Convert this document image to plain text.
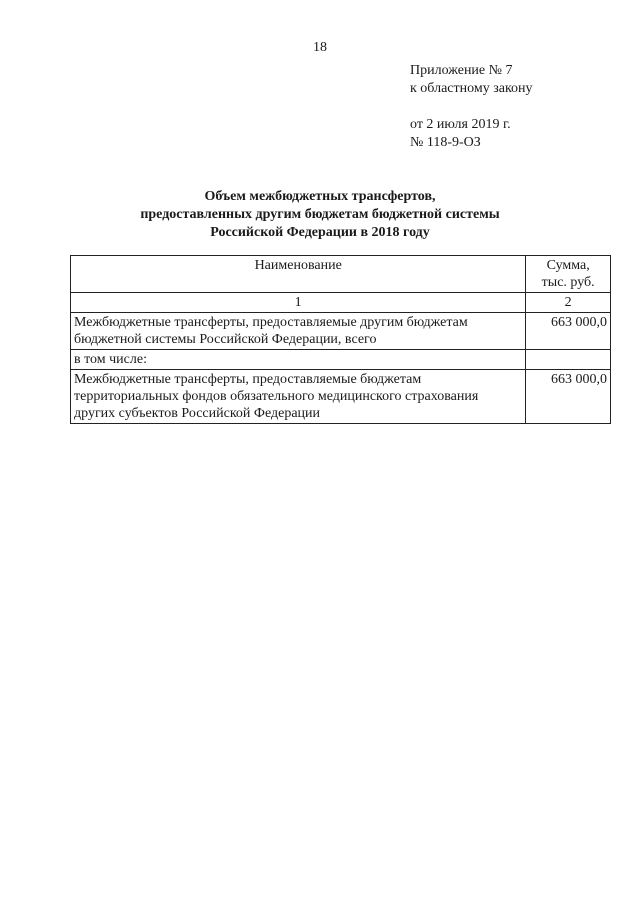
18
Приложение № 7
к областному закону
от 2 июля 2019 г.
№ 118-9-ОЗ
Объем межбюджетных трансфертов,
предоставленных другим бюджетам бюджетной системы
Российской Федерации в 2018 году
Наименование	Сумма,
тыс. руб.

1	2
Межбюджетные трансферты, предоставляемые другим бюджетам бюджетной системы Российской Федерации, всего	663 000,0
в том числе:	
Межбюджетные трансферты, предоставляемые бюджетам территориальных фондов обязательного медицинского страхования других субъектов Российской Федерации	663 000,0
